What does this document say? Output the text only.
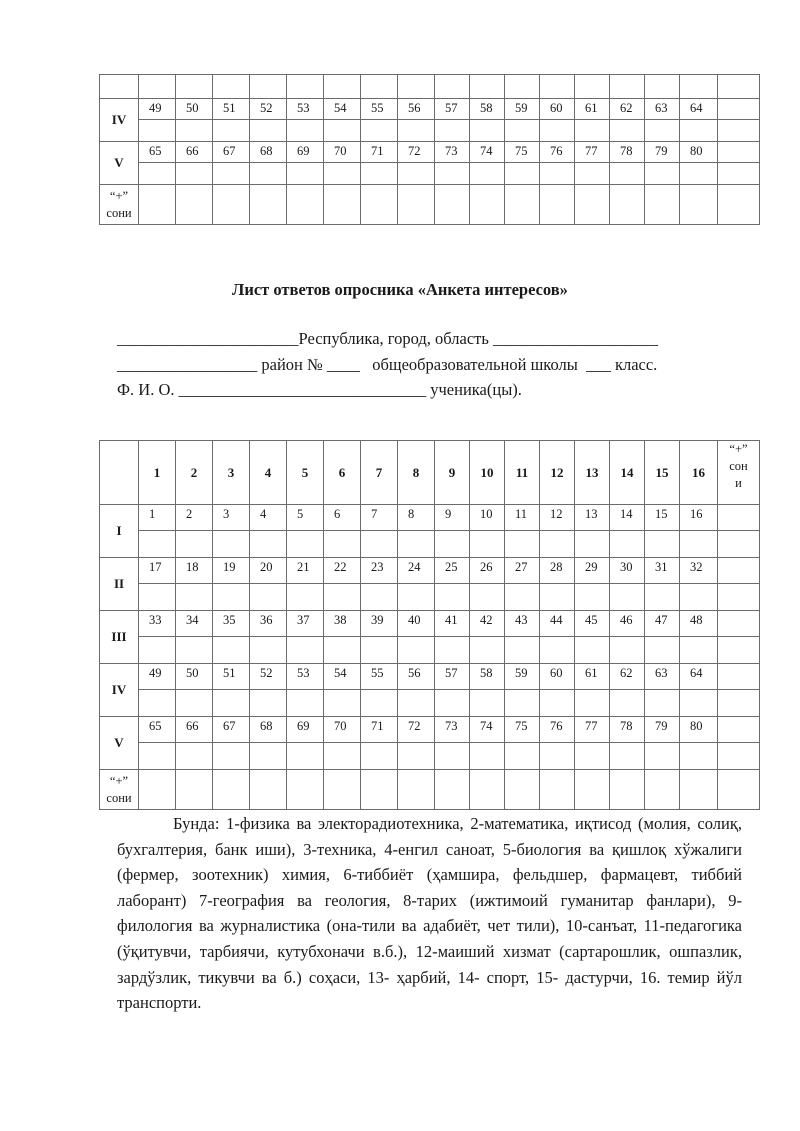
IV	49	50	51	52	53	54	55	56	57	58	59	60	61	62	63	64	

V	65	66	67	68	69	70	71	72	73	74	75	76	77	78	79	80	

“+”
сони																	

Лист ответов опросника «Анкета интересов»
______________________Республика, город, область ____________________
_________________ район № ____   общеобразовательной школы  ___ класс.
Ф. И. О. ______________________________ ученика(цы).
	1	2	3	4	5	6	7	8	9	10	11	12	13	14	15	16	“+”
сон
и

I	1	2	3	4	5	6	7	8	9	10	11	12	13	14	15	16	

II	17	18	19	20	21	22	23	24	25	26	27	28	29	30	31	32	

III	33	34	35	36	37	38	39	40	41	42	43	44	45	46	47	48	

IV	49	50	51	52	53	54	55	56	57	58	59	60	61	62	63	64	

V	65	66	67	68	69	70	71	72	73	74	75	76	77	78	79	80	

“+”
сони																	

Бунда: 1-физика ва электорадиотехника, 2-математика, иқтисод (молия, солиқ, бухгалтерия, банк иши), 3-техника, 4-енгил саноат, 5-биология ва қишлоқ хўжалиги (фермер, зоотехник) химия, 6-тиббиёт (ҳамшира, фельдшер, фармацевт, тиббий лаборант) 7-география ва геология, 8-тарих (ижтимоий гуманитар фанлари), 9-филология ва журналистика (она-тили ва адабиёт, чет тили), 10-санъат, 11-педагогика (ўқитувчи, тарбиячи, кутубхоначи в.б.), 12-маиший хизмат (сартарошлик, ошпазлик, зардўзлик, тикувчи ва б.) соҳаси, 13- ҳарбий, 14- спорт, 15- дастурчи, 16. темир йўл транспорти.
